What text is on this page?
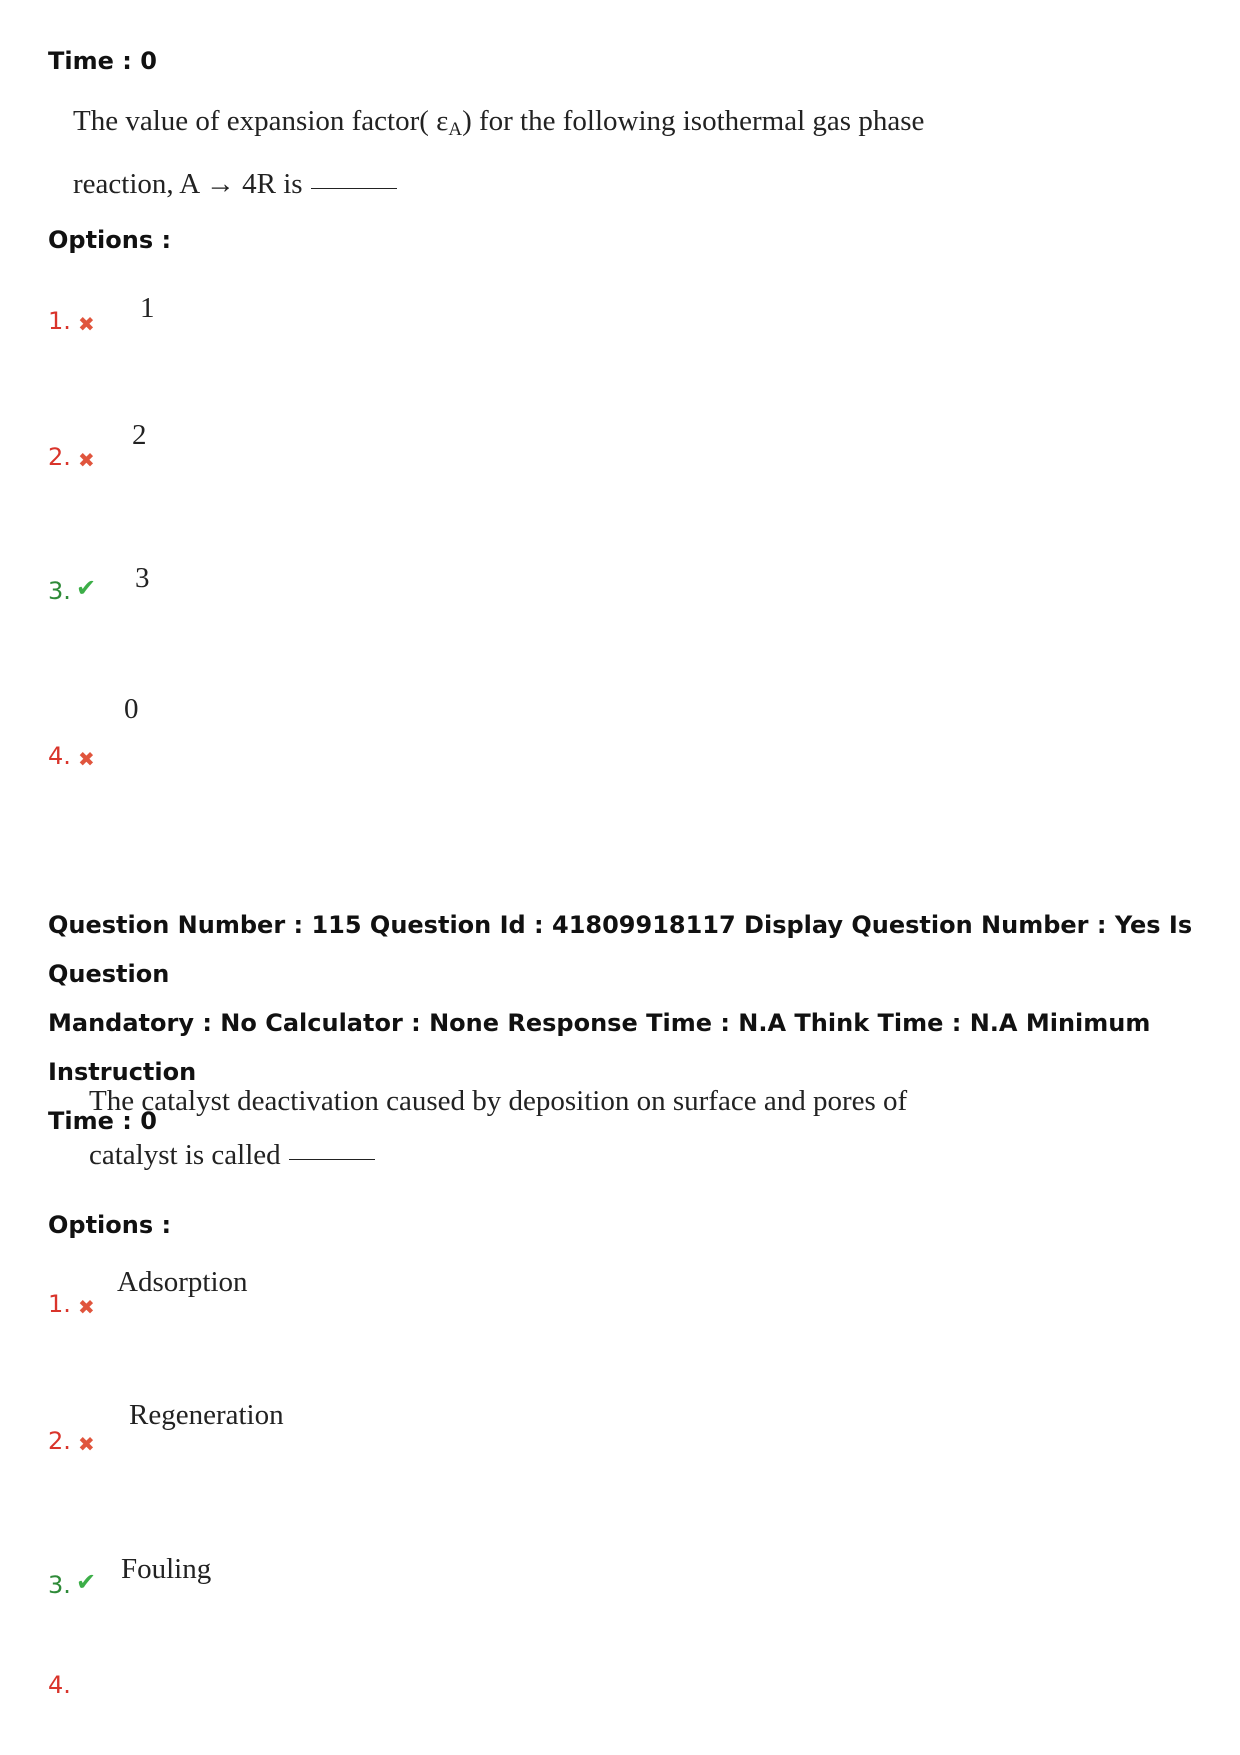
Time : 0
The value of expansion factor( $\varepsilon_A$) for the following isothermal gas phase
reaction, A → 4R is
Options :
1. ✖ 1
2. ✖
2
3. ✔ 3
4. ✖
0
Question Number : 115 Question Id : 41809918117 Display Question Number : Yes Is Question
Mandatory : No Calculator : None Response Time : N.A Think Time : N.A Minimum Instruction
Time : 0
The catalyst deactivation caused by deposition on surface and pores of
catalyst is called
Options :
1. ✖
Adsorption
2. ✖
Regeneration
3. ✔ Fouling
4.
